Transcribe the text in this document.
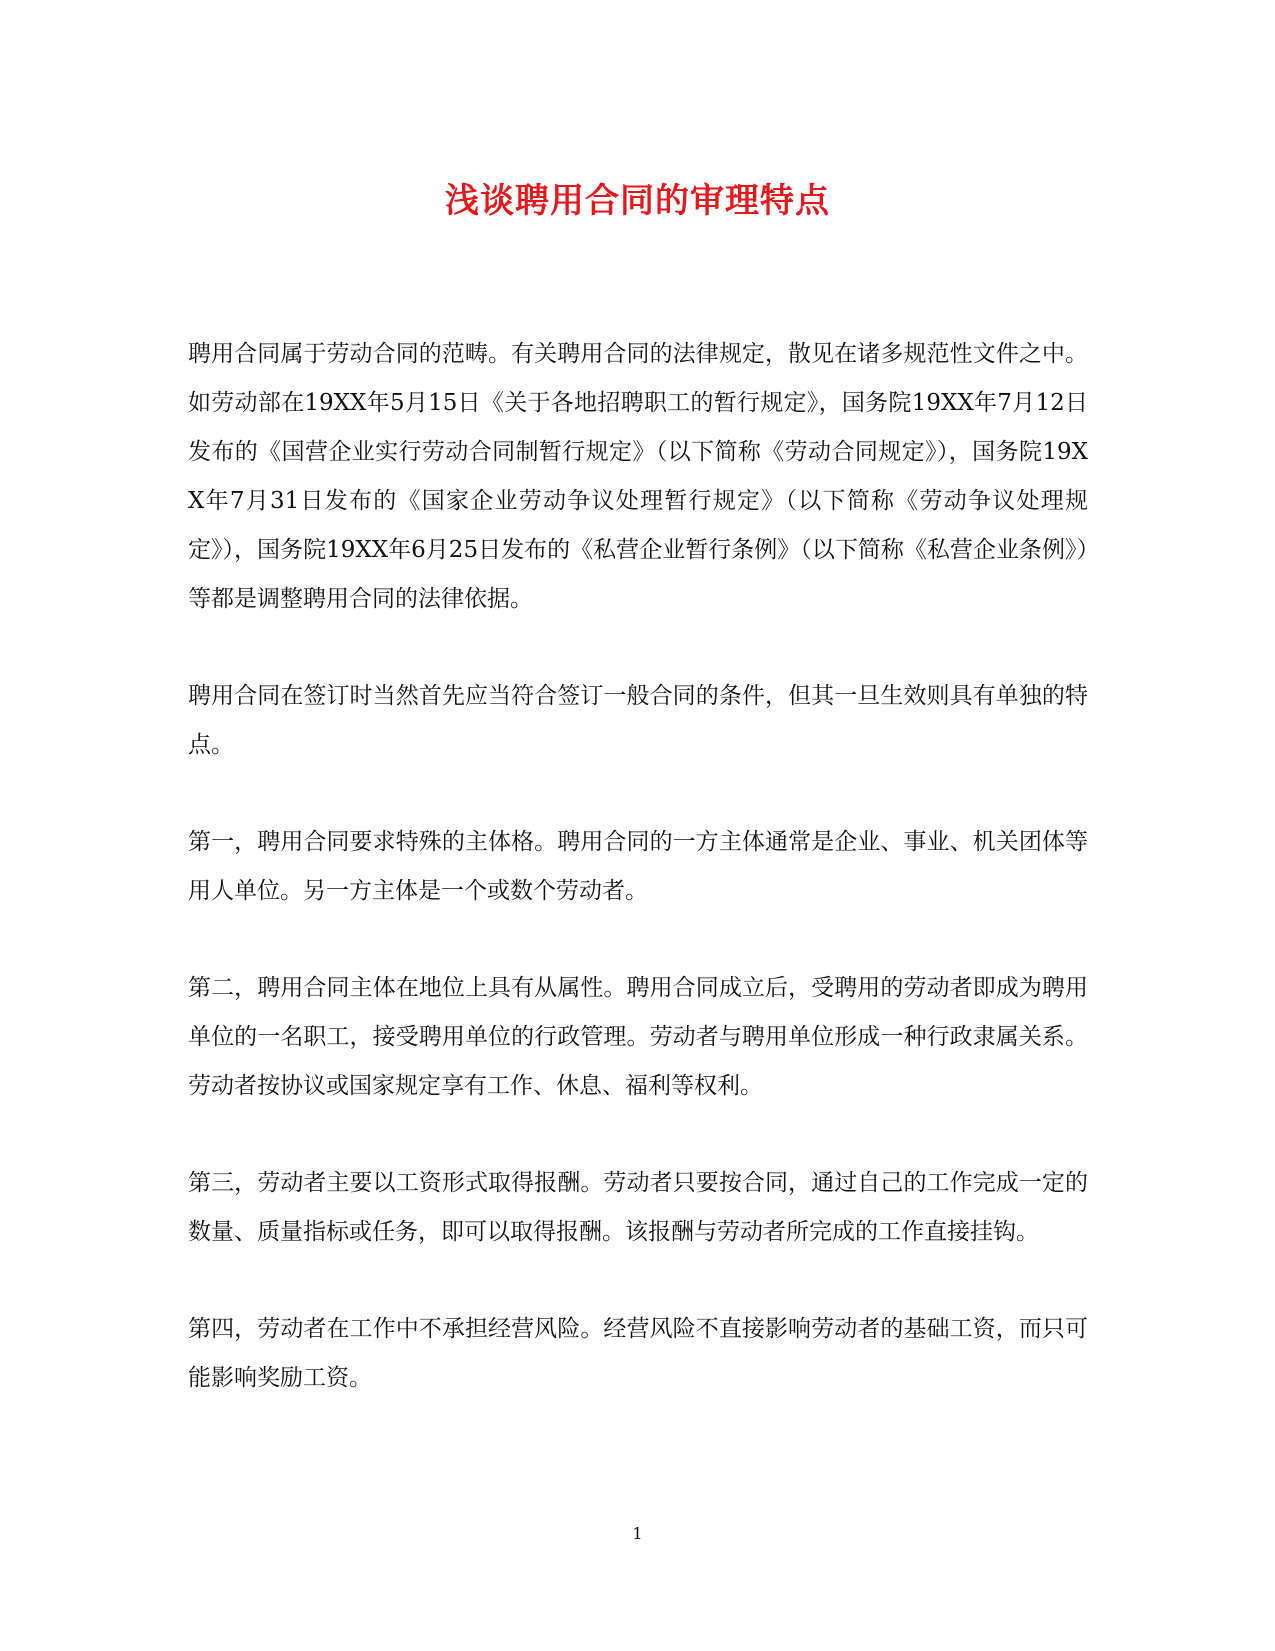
浅谈聘用合同的审理特点

聘用合同属于劳动合同的范畴。有关聘用合同的法律规定，散见在诸多规范性文件之中。如劳动部在19XX年5月15日《关于各地招聘职工的暂行规定》，国务院19XX年7月12日发布的《国营企业实行劳动合同制暂行规定》（以下简称《劳动合同规定》），国务院19XX年7月31日发布的《国家企业劳动争议处理暂行规定》（以下简称《劳动争议处理规定》），国务院19XX年6月25日发布的《私营企业暂行条例》（以下简称《私营企业条例》）等都是调整聘用合同的法律依据。

聘用合同在签订时当然首先应当符合签订一般合同的条件，但其一旦生效则具有单独的特点。

第一，聘用合同要求特殊的主体格。聘用合同的一方主体通常是企业、事业、机关团体等用人单位。另一方主体是一个或数个劳动者。

第二，聘用合同主体在地位上具有从属性。聘用合同成立后，受聘用的劳动者即成为聘用单位的一名职工，接受聘用单位的行政管理。劳动者与聘用单位形成一种行政隶属关系。劳动者按协议或国家规定享有工作、休息、福利等权利。

第三，劳动者主要以工资形式取得报酬。劳动者只要按合同，通过自己的工作完成一定的数量、质量指标或任务，即可以取得报酬。该报酬与劳动者所完成的工作直接挂钩。

第四，劳动者在工作中不承担经营风险。经营风险不直接影响劳动者的基础工资，而只可能影响奖励工资。

1
